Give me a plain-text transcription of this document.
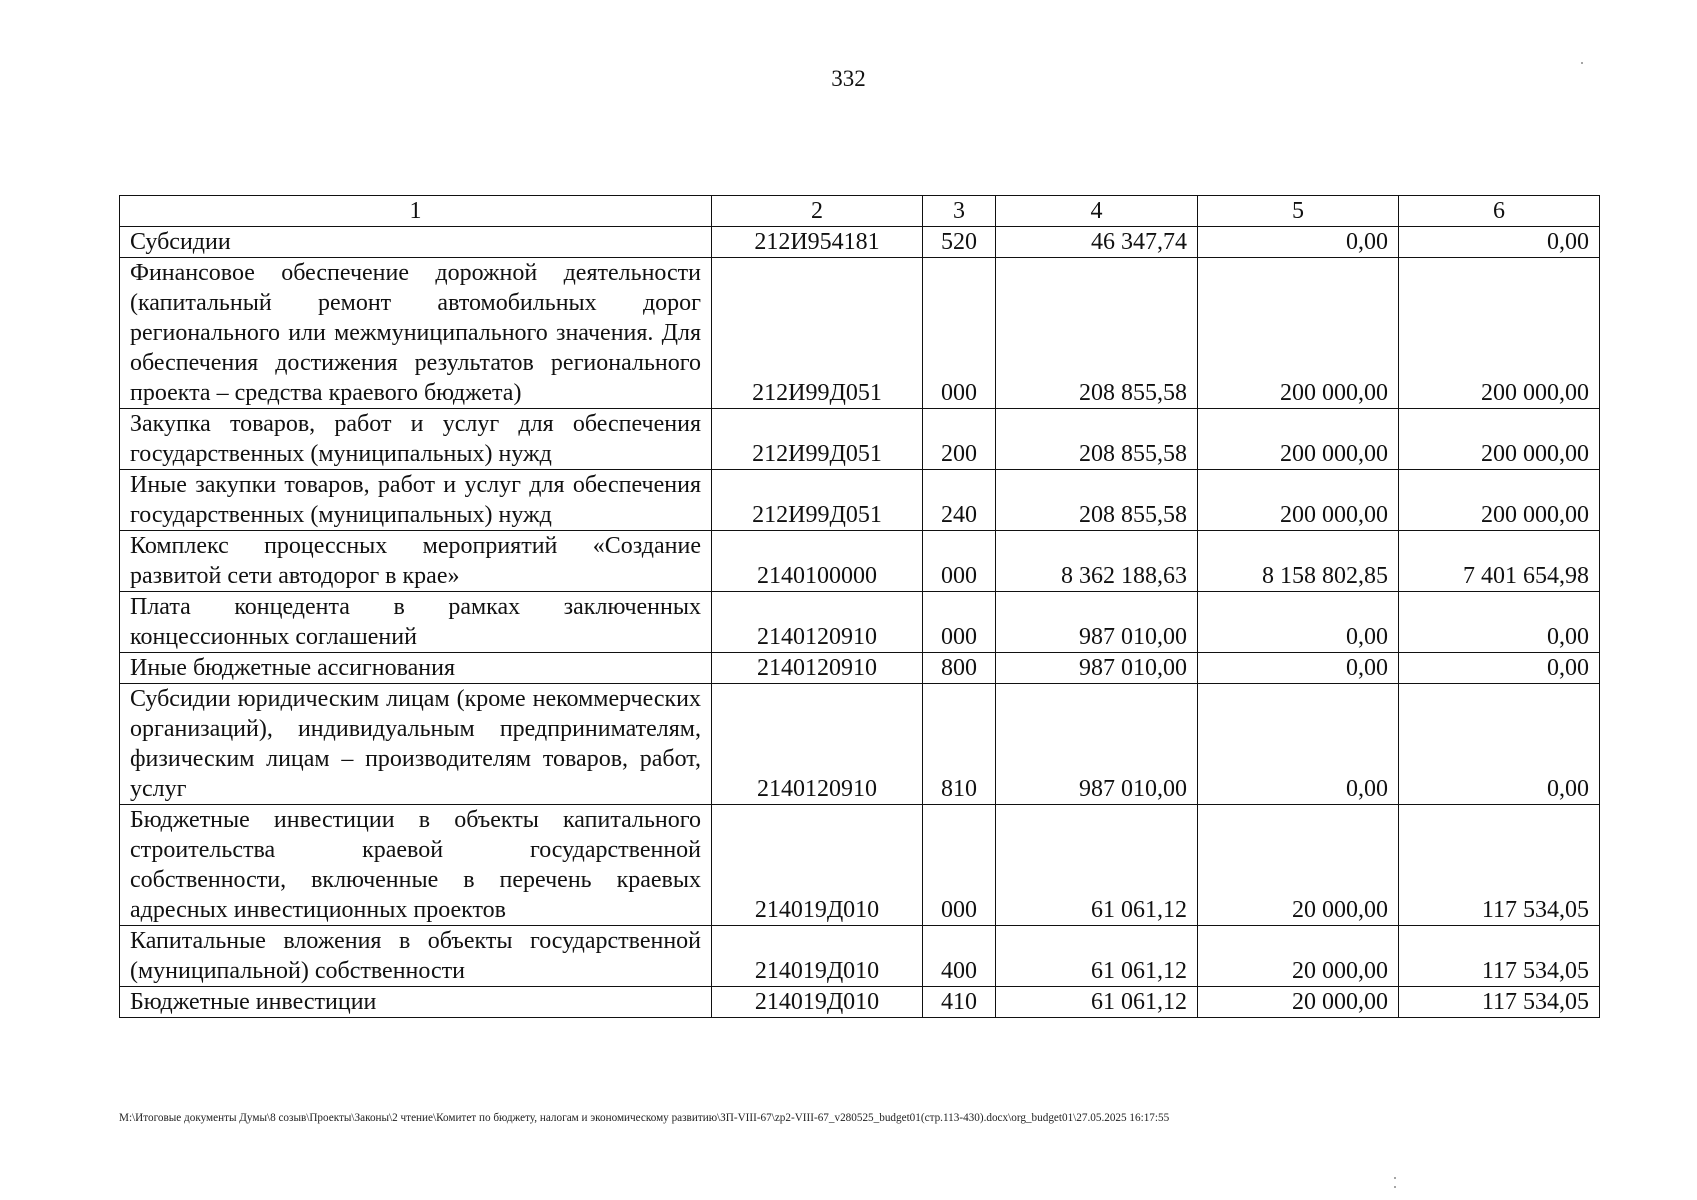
332
1	2	3	4	5	6
Субсидии	212И954181	520	46 347,74	0,00	0,00
Финансовое обеспечение дорожной деятельности (капитальный ремонт автомобильных дорог регионального или межмуниципального значения. Для обеспечения достижения результатов регионального проекта – средства краевого бюджета)	212И99Д051	000	208 855,58	200 000,00	200 000,00
Закупка товаров, работ и услуг для обеспечения государственных (муниципальных) нужд	212И99Д051	200	208 855,58	200 000,00	200 000,00
Иные закупки товаров, работ и услуг для обеспечения государственных (муниципальных) нужд	212И99Д051	240	208 855,58	200 000,00	200 000,00
Комплекс процессных мероприятий «Создание развитой сети автодорог в крае»	2140100000	000	8 362 188,63	8 158 802,85	7 401 654,98
Плата концедента в рамках заключенных концессионных соглашений	2140120910	000	987 010,00	0,00	0,00
Иные бюджетные ассигнования	2140120910	800	987 010,00	0,00	0,00
Субсидии юридическим лицам (кроме некоммерческих организаций), индивидуальным предпринимателям, физическим лицам – производителям товаров, работ, услуг	2140120910	810	987 010,00	0,00	0,00
Бюджетные инвестиции в объекты капитального строительства краевой государственной собственности, включенные в перечень краевых адресных инвестиционных проектов	214019Д010	000	61 061,12	20 000,00	117 534,05
Капитальные вложения в объекты государственной (муниципальной) собственности	214019Д010	400	61 061,12	20 000,00	117 534,05
Бюджетные инвестиции	214019Д010	410	61 061,12	20 000,00	117 534,05
М:\Итоговые документы Думы\8 созыв\Проекты\Законы\2 чтение\Комитет по бюджету, налогам и экономическому развитию\ЗП-VIII-67\zp2-VIII-67_v280525_budget01(стр.113-430).docx\org_budget01\27.05.2025 16:17:55
